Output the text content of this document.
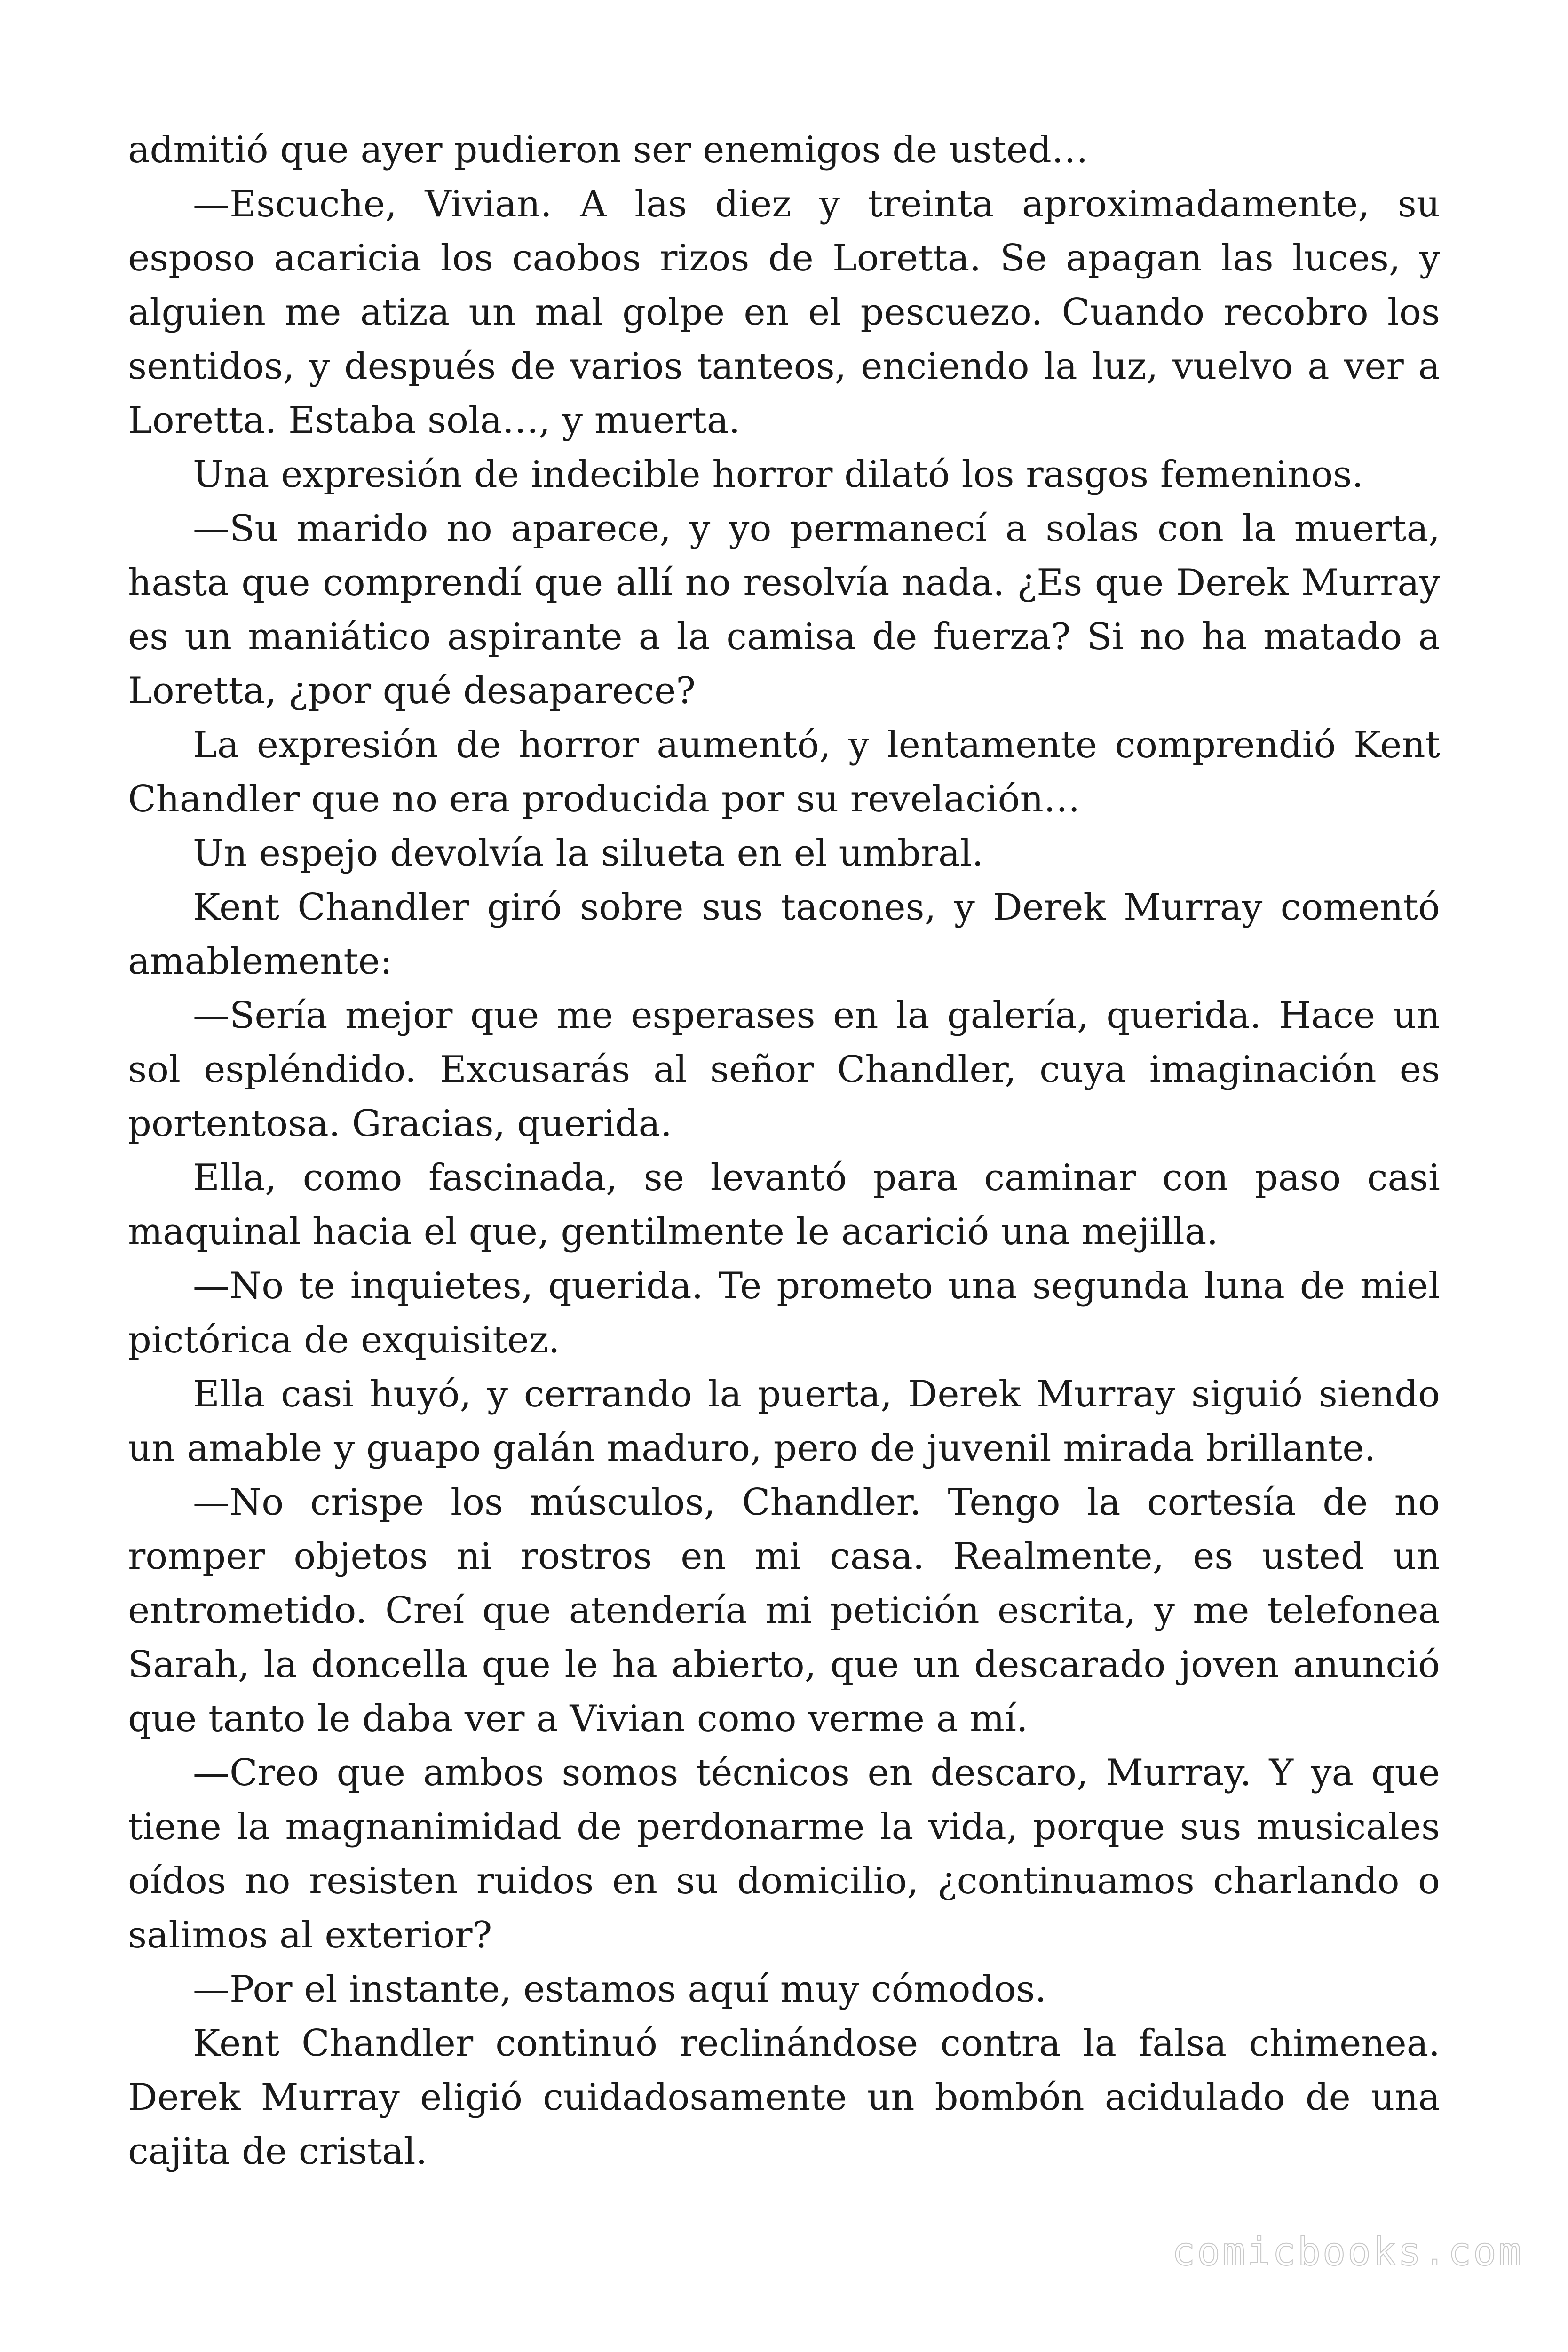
admitió que ayer pudieron ser enemigos de usted…

—Escuche, Vivian. A las diez y treinta aproximadamente, su esposo acaricia los caobos rizos de Loretta. Se apagan las luces, y alguien me atiza un mal golpe en el pescuezo. Cuando recobro los sentidos, y después de varios tanteos, enciendo la luz, vuelvo a ver a Loretta. Estaba sola…, y muerta.

Una expresión de indecible horror dilató los rasgos femeninos.

—Su marido no aparece, y yo permanecí a solas con la muerta, hasta que comprendí que allí no resolvía nada. ¿Es que Derek Murray es un maniático aspirante a la camisa de fuerza? Si no ha matado a Loretta, ¿por qué desaparece?

La expresión de horror aumentó, y lentamente comprendió Kent Chandler que no era producida por su revelación…

Un espejo devolvía la silueta en el umbral.

Kent Chandler giró sobre sus tacones, y Derek Murray comentó amablemente:

—Sería mejor que me esperases en la galería, querida. Hace un sol espléndido. Excusarás al señor Chandler, cuya imaginación es portentosa. Gracias, querida.

Ella, como fascinada, se levantó para caminar con paso casi maquinal hacia el que, gentilmente le acarició una mejilla.

—No te inquietes, querida. Te prometo una segunda luna de miel pictórica de exquisitez.

Ella casi huyó, y cerrando la puerta, Derek Murray siguió siendo un amable y guapo galán maduro, pero de juvenil mirada brillante.

—No crispe los músculos, Chandler. Tengo la cortesía de no romper objetos ni rostros en mi casa. Realmente, es usted un entrometido. Creí que atendería mi petición escrita, y me telefonea Sarah, la doncella que le ha abierto, que un descarado joven anunció que tanto le daba ver a Vivian como verme a mí.

—Creo que ambos somos técnicos en descaro, Murray. Y ya que tiene la magnanimidad de perdonarme la vida, porque sus musicales oídos no resisten ruidos en su domicilio, ¿continuamos charlando o salimos al exterior?

—Por el instante, estamos aquí muy cómodos.

Kent Chandler continuó reclinándose contra la falsa chimenea. Derek Murray eligió cuidadosamente un bombón acidulado de una cajita de cristal.

comicbooks.com
